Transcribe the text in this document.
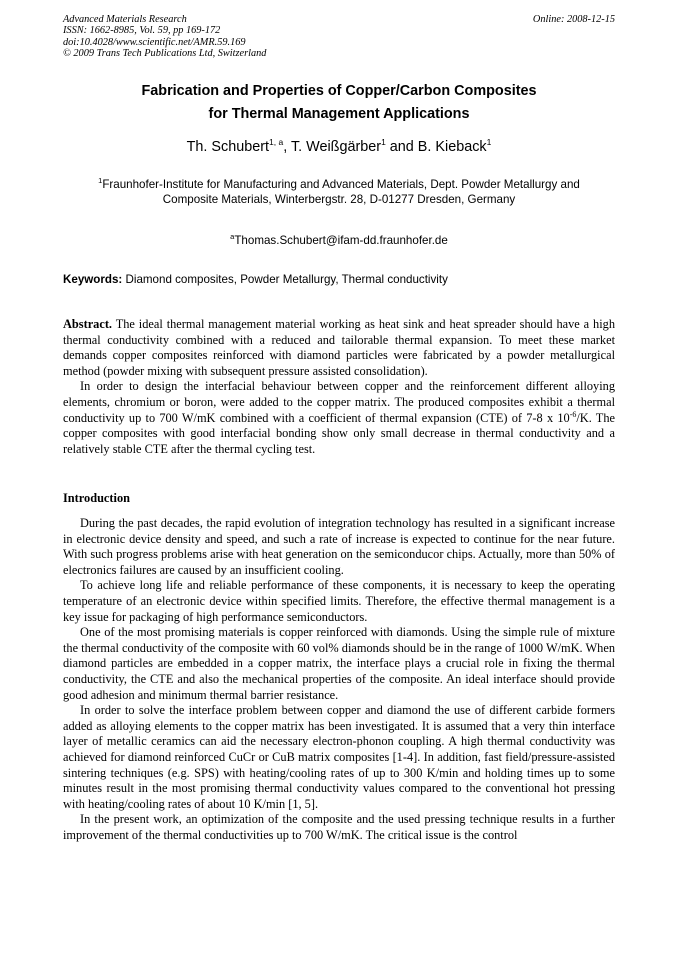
Advanced Materials Research
ISSN: 1662-8985, Vol. 59, pp 169-172
doi:10.4028/www.scientific.net/AMR.59.169
© 2009 Trans Tech Publications Ltd, Switzerland
Online: 2008-12-15
Fabrication and Properties of Copper/Carbon Composites
for Thermal Management Applications
Th. Schubert$^{1, a}$, T. Weißgärber$^1$ and B. Kieback$^1$
$^1$Fraunhofer-Institute for Manufacturing and Advanced Materials, Dept. Powder Metallurgy and
Composite Materials, Winterbergstr. 28, D-01277 Dresden, Germany
$^a$Thomas.Schubert@ifam-dd.fraunhofer.de
Keywords: Diamond composites, Powder Metallurgy, Thermal conductivity

Abstract. The ideal thermal management material working as heat sink and heat spreader should have a high thermal conductivity combined with a reduced and tailorable thermal expansion. To meet these market demands copper composites reinforced with diamond particles were fabricated by a powder metallurgical method (powder mixing with subsequent pressure assisted consolidation).

In order to design the interfacial behaviour between copper and the reinforcement different alloying elements, chromium or boron, were added to the copper matrix. The produced composites exhibit a thermal conductivity up to 700 W/mK combined with a coefficient of thermal expansion (CTE) of 7-8 x $10^{-6}/K$. The copper composites with good interfacial bonding show only small decrease in thermal conductivity and a relatively stable CTE after the thermal cycling test.

Introduction

During the past decades, the rapid evolution of integration technology has resulted in a significant increase in electronic device density and speed, and such a rate of increase is expected to continue for the near future. With such progress problems arise with heat generation on the semiconducor chips. Actually, more than 50% of electronics failures are caused by an insufficient cooling.

To achieve long life and reliable performance of these components, it is necessary to keep the operating temperature of an electronic device within specified limits. Therefore, the effective thermal management is a key issue for packaging of high performance semiconductors.

One of the most promising materials is copper reinforced with diamonds. Using the simple rule of mixture the thermal conductivity of the composite with 60 vol% diamonds should be in the range of 1000 W/mK. When diamond particles are embedded in a copper matrix, the interface plays a crucial role in fixing the thermal conductivity, the CTE and also the mechanical properties of the composite. An ideal interface should provide good adhesion and minimum thermal barrier resistance.

In order to solve the interface problem between copper and diamond the use of different carbide formers added as alloying elements to the copper matrix has been investigated. It is assumed that a very thin interface layer of metallic ceramics can aid the necessary electron-phonon coupling. A high thermal conductivity was achieved for diamond reinforced CuCr or CuB matrix composites [1-4]. In addition, fast field/pressure-assisted sintering techniques (e.g. SPS) with heating/cooling rates of up to 300 K/min and holding times up to some minutes result in the most promising thermal conductivity values compared to the conventional hot pressing with heating/cooling rates of about 10 K/min [1, 5].

In the present work, an optimization of the composite and the used pressing technique results in a further improvement of the thermal conductivities up to 700 W/mK. The critical issue is the control
